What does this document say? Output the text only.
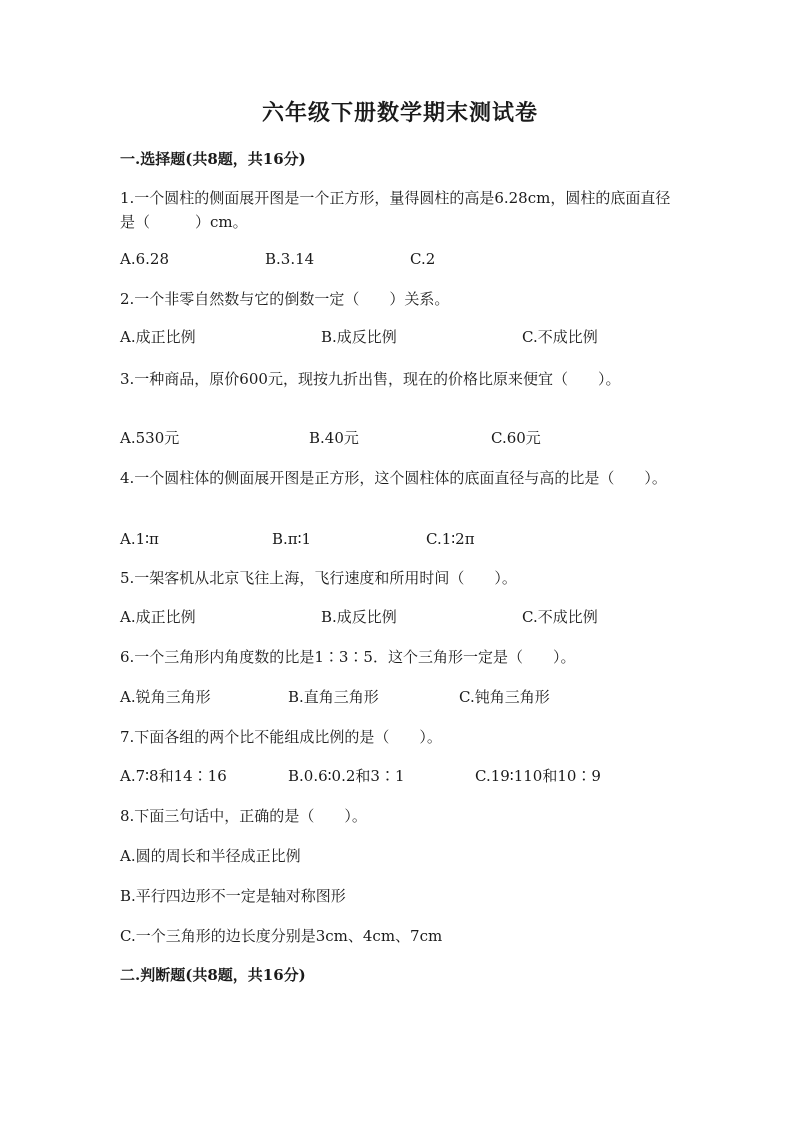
六年级下册数学期末测试卷
一.选择题(共8题，共16分)
1.一个圆柱的侧面展开图是一个正方形，量得圆柱的高是6.28cm，圆柱的底面直径是（　　　）cm。
A.6.28	B.3.14	C.2
2.一个非零自然数与它的倒数一定（　　）关系。
A.成正比例	B.成反比例	C.不成比例
3.一种商品，原价600元，现按九折出售，现在的价格比原来便宜（　　）。
A.530元	B.40元	C.60元
4.一个圆柱体的侧面展开图是正方形，这个圆柱体的底面直径与高的比是（　　）。
A.1∶π	B.π∶1	C.1∶2π
5.一架客机从北京飞往上海，飞行速度和所用时间（　　）。
A.成正比例	B.成反比例	C.不成比例
6.一个三角形内角度数的比是1∶3∶5．这个三角形一定是（　　）。
A.锐角三角形	B.直角三角形	C.钝角三角形
7.下面各组的两个比不能组成比例的是（　　）。
A.7∶8和14∶16	B.0.6∶0.2和3∶1	C.19∶110和10∶9
8.下面三句话中，正确的是（　　）。
A.圆的周长和半径成正比例
B.平行四边形不一定是轴对称图形
C.一个三角形的边长度分别是3cm、4cm、7cm
二.判断题(共8题，共16分)
